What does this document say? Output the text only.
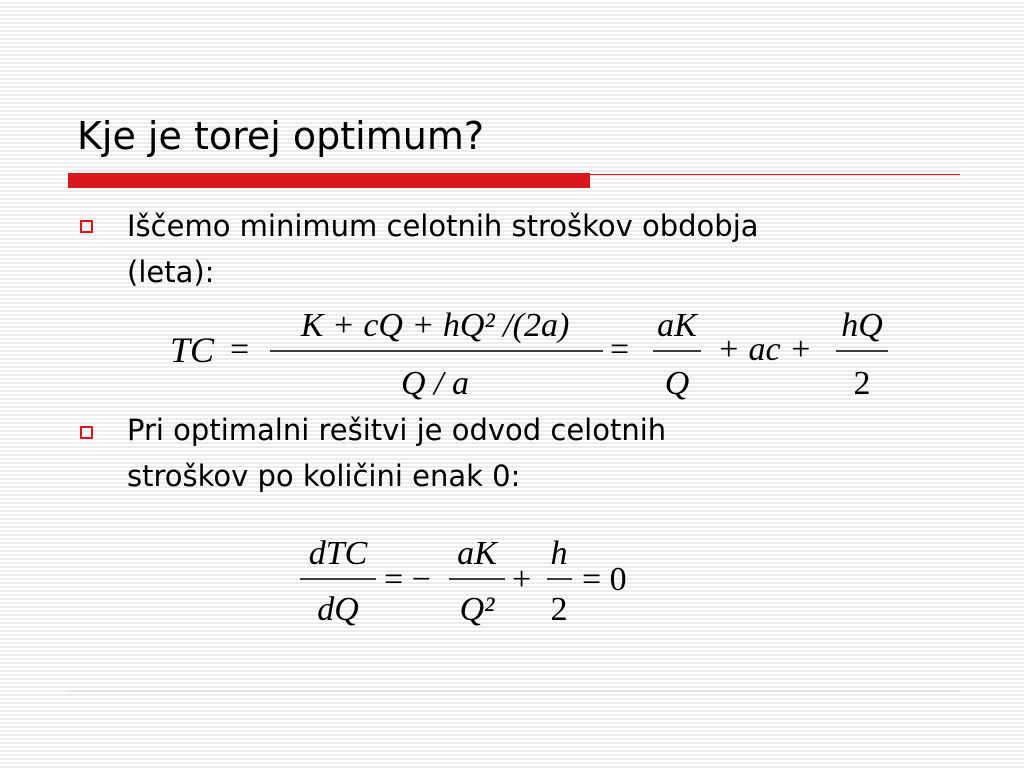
Kje je torej optimum?
Iščemo minimum celotnih stroškov obdobja
(leta):
TC =
K + cQ + hQ² /(2a)
Q / a
=
aK
Q
+ ac +
hQ
2
Pri optimalni rešitvi je odvod celotnih
stroškov po količini enak 0:
dTC
dQ
= −
aK
Q²
+
h
2
= 0
